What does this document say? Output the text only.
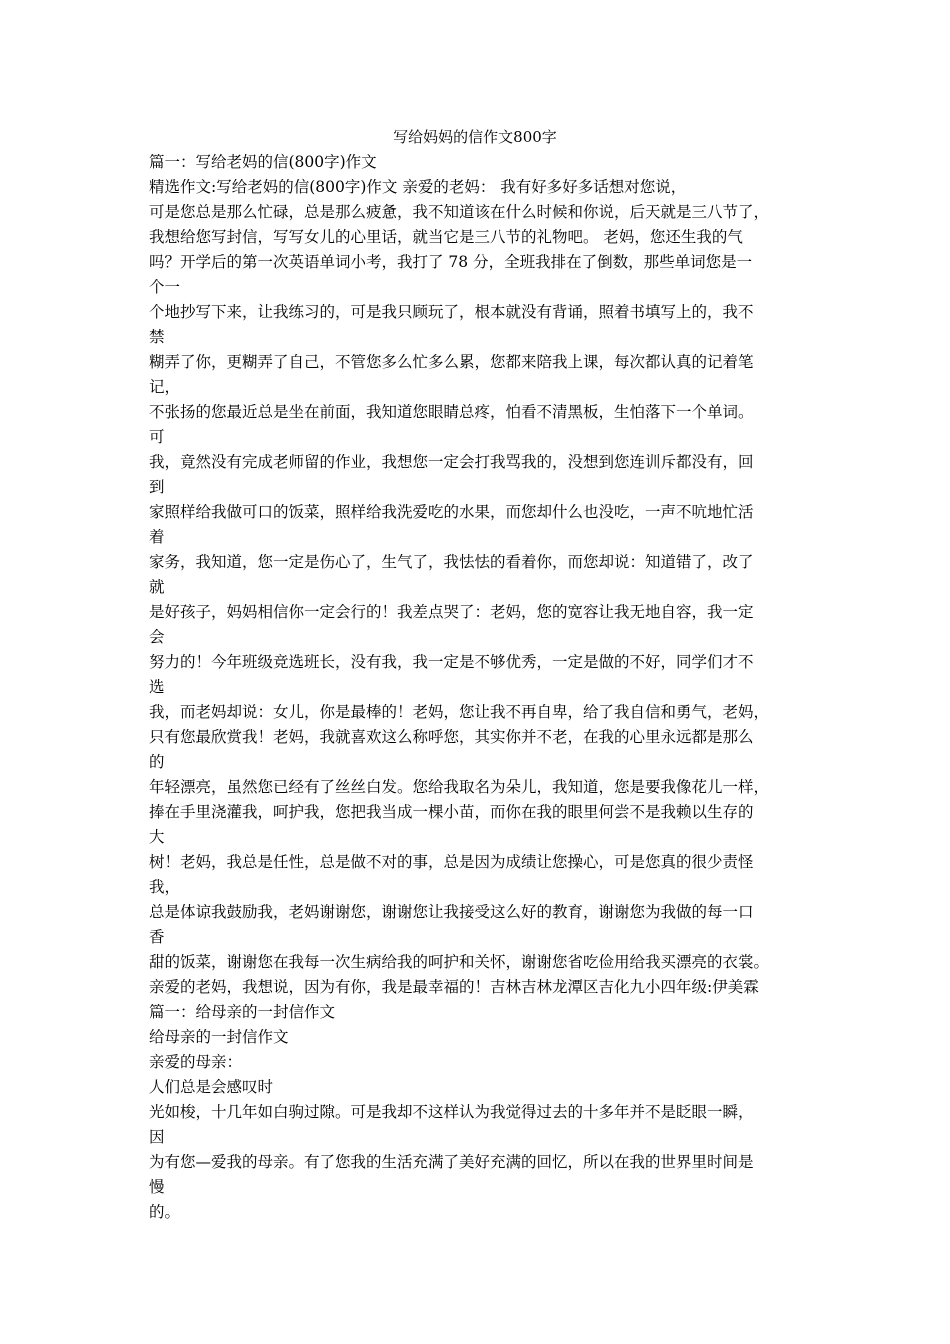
写给妈妈的信作文800字
篇一：写给老妈的信(800字)作文
精选作文:写给老妈的信(800字)作文 亲爱的老妈： 我有好多好多话想对您说，
可是您总是那么忙碌，总是那么疲惫，我不知道该在什么时候和你说，后天就是三八节了，
我想给您写封信，写写女儿的心里话，就当它是三八节的礼物吧。 老妈，您还生我的气
吗？开学后的第一次英语单词小考，我打了 78 分，全班我排在了倒数，那些单词您是一
个一
个地抄写下来，让我练习的，可是我只顾玩了，根本就没有背诵，照着书填写上的，我不
禁
糊弄了你，更糊弄了自己，不管您多么忙多么累，您都来陪我上课，每次都认真的记着笔
记，
不张扬的您最近总是坐在前面，我知道您眼睛总疼，怕看不清黑板，生怕落下一个单词。
可
我，竟然没有完成老师留的作业，我想您一定会打我骂我的，没想到您连训斥都没有，回
到
家照样给我做可口的饭菜，照样给我洗爱吃的水果，而您却什么也没吃，一声不吭地忙活
着
家务，我知道，您一定是伤心了，生气了，我怯怯的看着你，而您却说：知道错了，改了
就
是好孩子，妈妈相信你一定会行的！我差点哭了：老妈，您的宽容让我无地自容，我一定
会
努力的！今年班级竞选班长，没有我，我一定是不够优秀，一定是做的不好，同学们才不
选
我，而老妈却说：女儿，你是最棒的！老妈，您让我不再自卑，给了我自信和勇气，老妈，
只有您最欣赏我！老妈，我就喜欢这么称呼您，其实你并不老，在我的心里永远都是那么
的
年轻漂亮，虽然您已经有了丝丝白发。您给我取名为朵儿，我知道，您是要我像花儿一样，
捧在手里浇灌我，呵护我，您把我当成一棵小苗，而你在我的眼里何尝不是我赖以生存的
大
树！老妈，我总是任性，总是做不对的事，总是因为成绩让您操心，可是您真的很少责怪
我，
总是体谅我鼓励我，老妈谢谢您，谢谢您让我接受这么好的教育，谢谢您为我做的每一口
香
甜的饭菜，谢谢您在我每一次生病给我的呵护和关怀，谢谢您省吃俭用给我买漂亮的衣裳。
亲爱的老妈，我想说，因为有你，我是最幸福的！吉林吉林龙潭区吉化九小四年级:伊美霖
篇一：给母亲的一封信作文
给母亲的一封信作文
亲爱的母亲：
人们总是会感叹时
光如梭，十几年如白驹过隙。可是我却不这样认为我觉得过去的十多年并不是眨眼一瞬，
因
为有您—爱我的母亲。有了您我的生活充满了美好充满的回忆，所以在我的世界里时间是
慢
的。
